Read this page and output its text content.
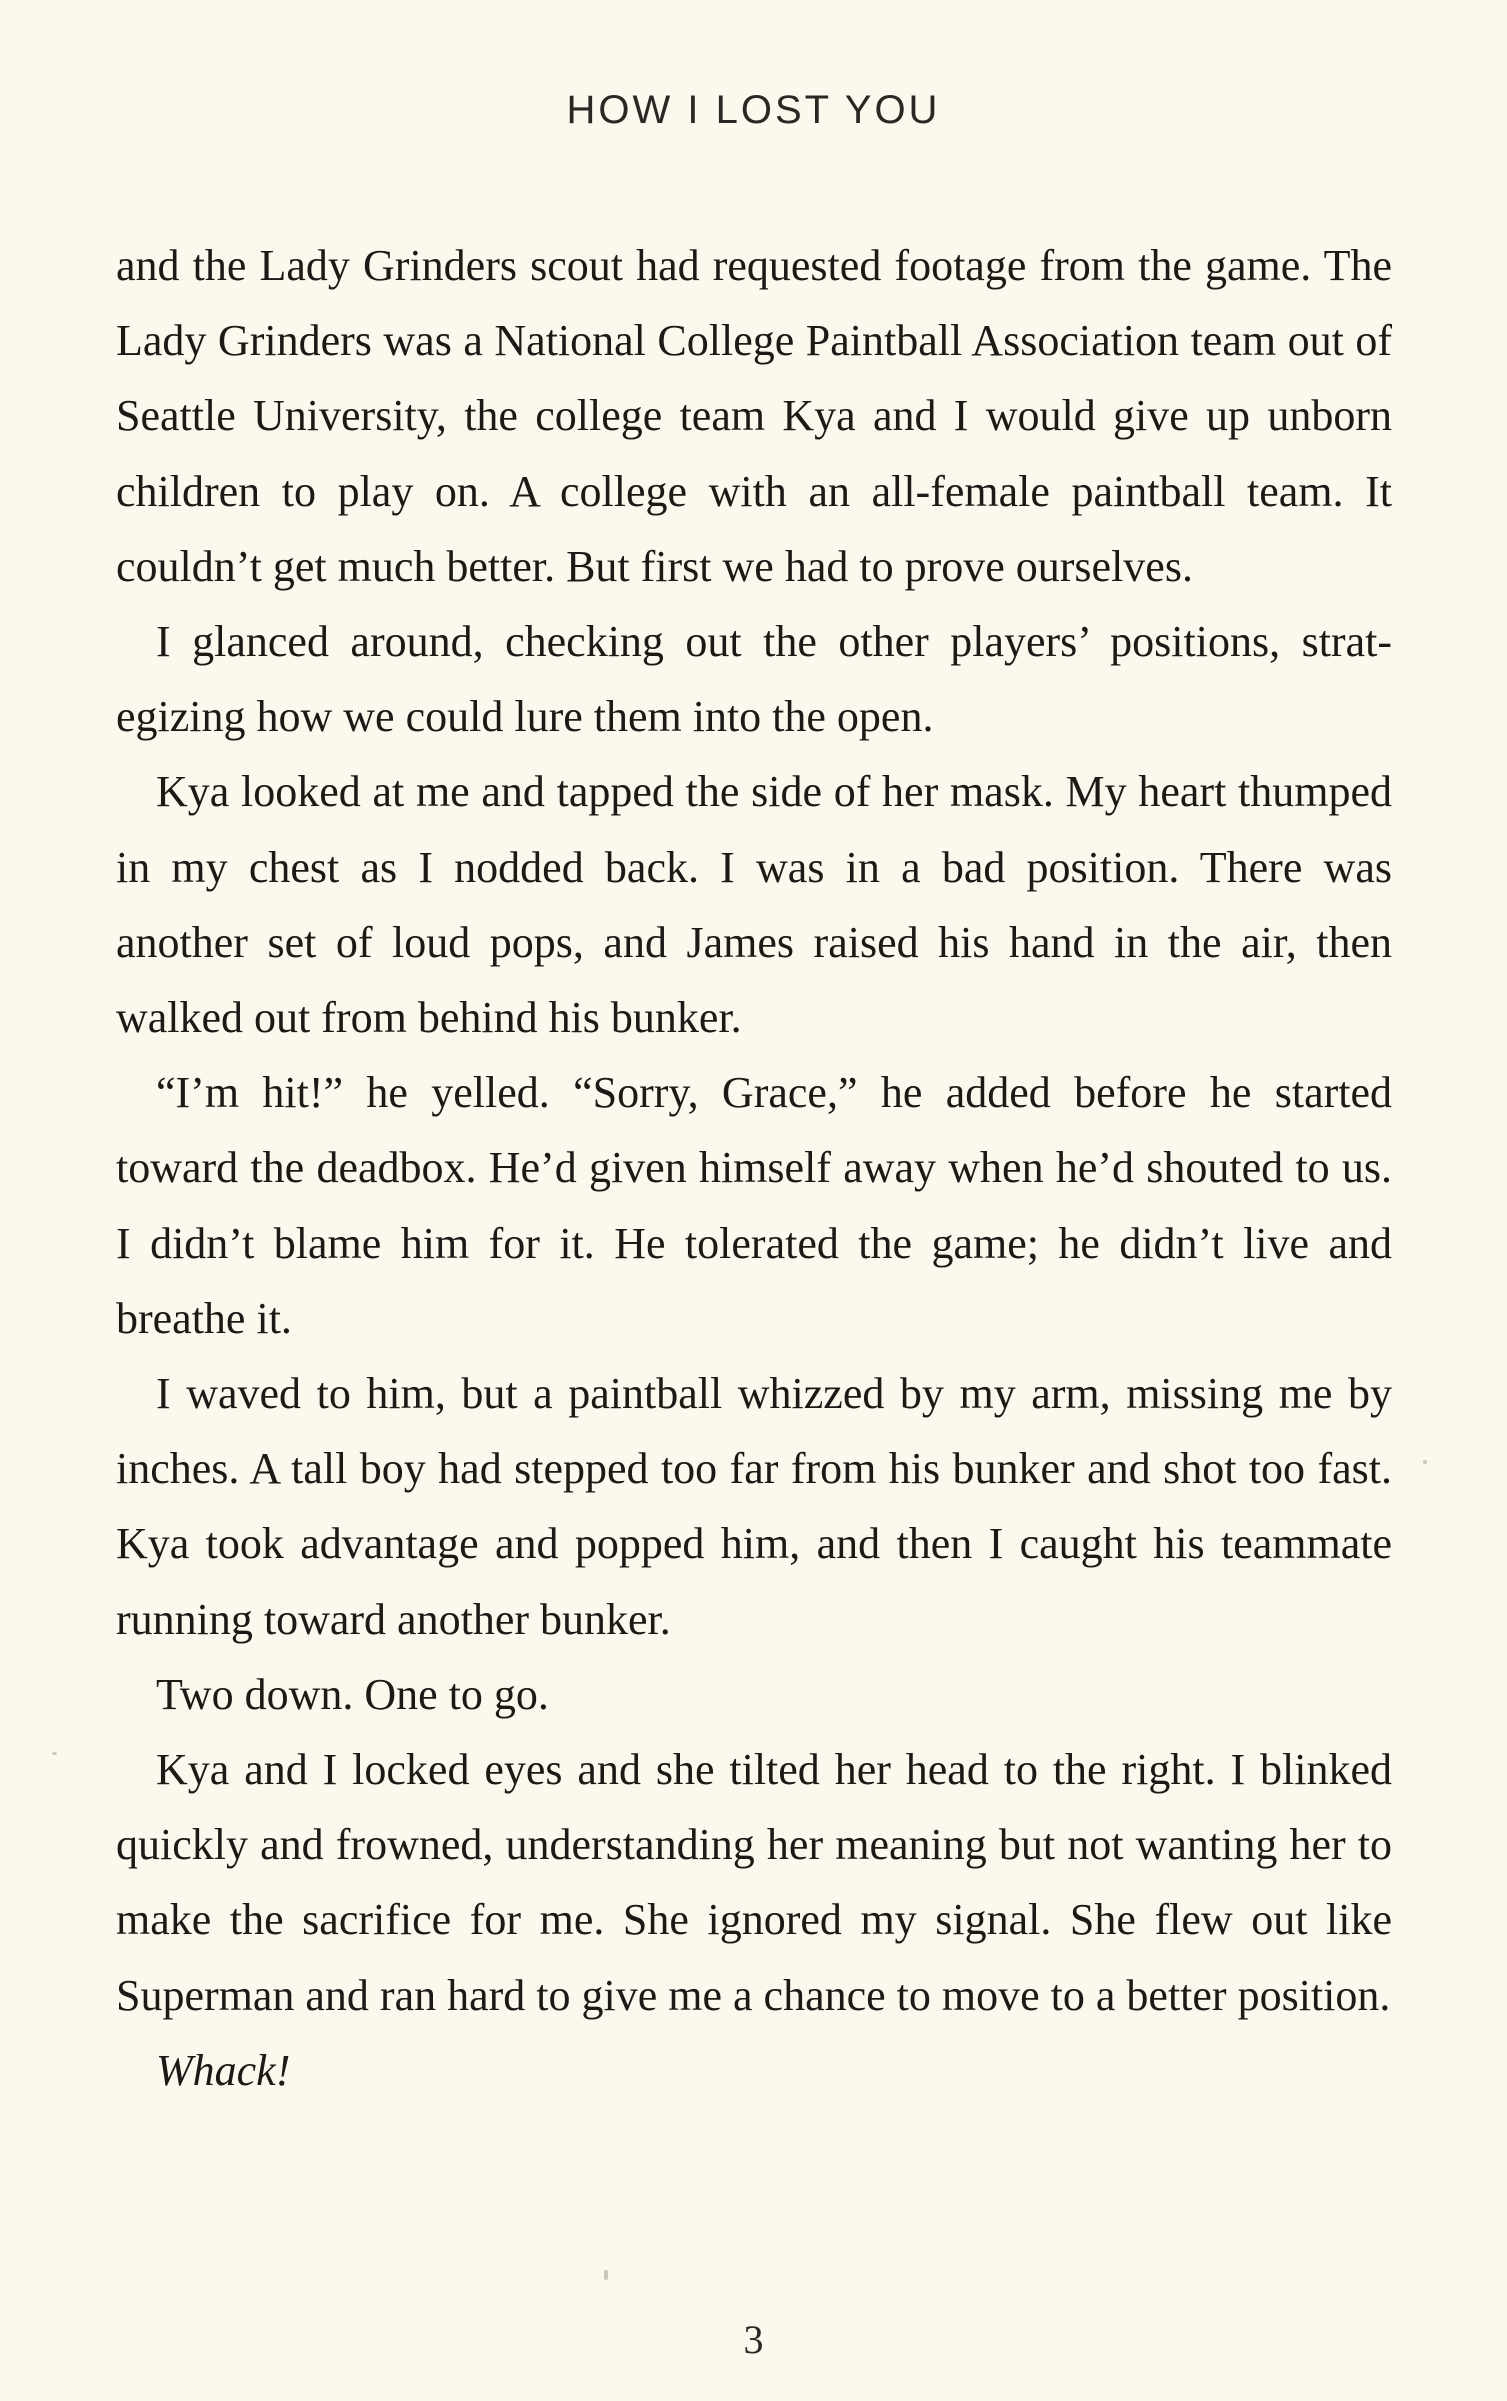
HOW I LOST YOU

and the Lady Grinders scout had requested footage from the game. The Lady Grinders was a National College Paintball Association team out of Seattle University, the college team Kya and I would give up unborn children to play on. A college with an all-female paintball team. It couldn’t get much better. But first we had to prove ourselves.

I glanced around, checking out the other players’ positions, strategizing how we could lure them into the open.

Kya looked at me and tapped the side of her mask. My heart thumped in my chest as I nodded back. I was in a bad position. There was another set of loud pops, and James raised his hand in the air, then walked out from behind his bunker.

“I’m hit!” he yelled. “Sorry, Grace,” he added before he started toward the deadbox. He’d given himself away when he’d shouted to us. I didn’t blame him for it. He tolerated the game; he didn’t live and breathe it.

I waved to him, but a paintball whizzed by my arm, missing me by inches. A tall boy had stepped too far from his bunker and shot too fast. Kya took advantage and popped him, and then I caught his teammate running toward another bunker.

Two down. One to go.

Kya and I locked eyes and she tilted her head to the right. I blinked quickly and frowned, understanding her meaning but not wanting her to make the sacrifice for me. She ignored my signal. She flew out like Superman and ran hard to give me a chance to move to a better position.

Whack!

3
